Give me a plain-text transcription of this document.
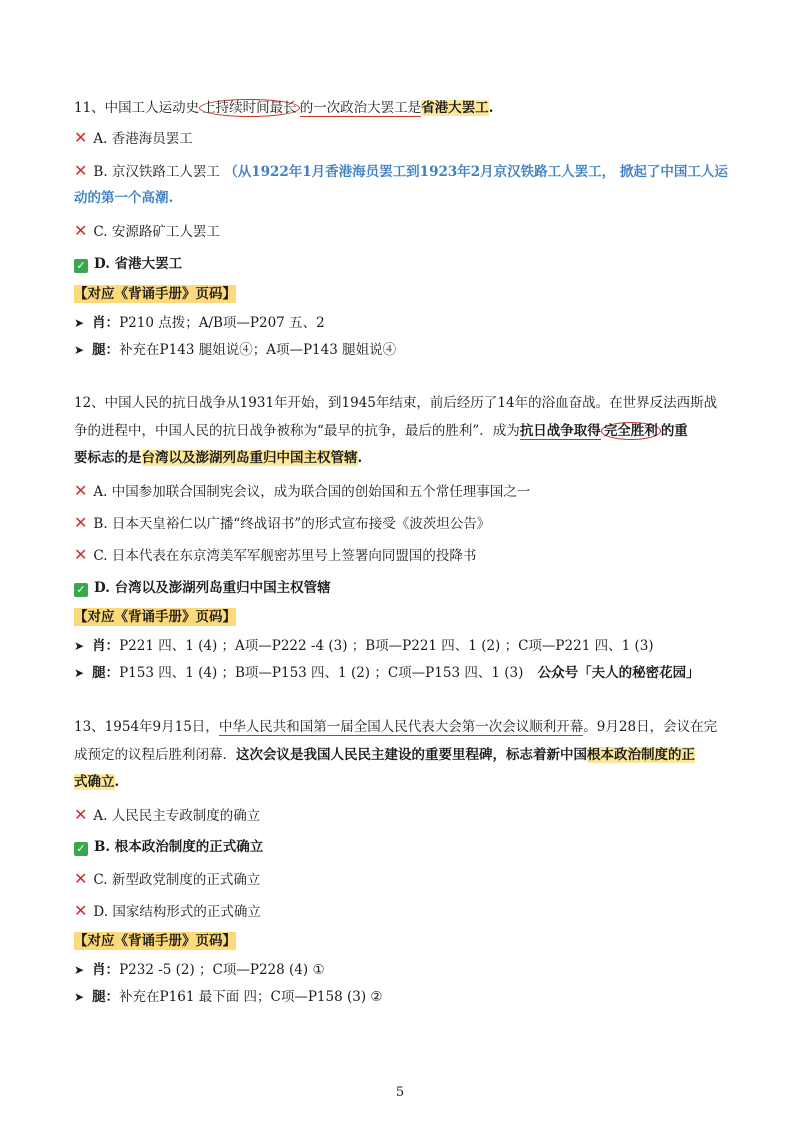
11、中国工人运动史 上持续时间最长 的一次政治大罢工是省港大罢工.
✕ A. 香港海员罢工
✕ B. 京汉铁路工人罢工 （从1922年1月香港海员罢工到1923年2月京汉铁路工人罢工， 掀起了中国工人运
动的第一个高潮.
✕ C. 安源路矿工人罢工
✓ D. 省港大罢工
【对应《背诵手册》页码】
➤ 肖：P210 点拨；A/B项—P207 五、2
➤ 腿：补充在P143 腿姐说④；A项—P143 腿姐说④
12、中国人民的抗日战争从1931年开始，到1945年结束，前后经历了14年的浴血奋战。在世界反法西斯战
争的进程中，中国人民的抗日战争被称为“最早的抗争，最后的胜利”．成为抗日战争取得 完全胜利 的重
要标志的是台湾以及澎湖列岛重归中国主权管辖.
✕ A. 中国参加联合国制宪会议，成为联合国的创始国和五个常任理事国之一
✕ B. 日本天皇裕仁以广播“终战诏书”的形式宣布接受《波茨坦公告》
✕ C. 日本代表在东京湾美军军舰密苏里号上签署向同盟国的投降书
✓ D. 台湾以及澎湖列岛重归中国主权管辖
【对应《背诵手册》页码】
➤ 肖：P221 四、1 (4) ；A项—P222 -4 (3) ；B项—P221 四、1 (2) ；C项—P221 四、1 (3)
➤ 腿：P153 四、1 (4) ；B项—P153 四、1 (2) ；C项—P153 四、1 (3) 公众号「夫人的秘密花园」
13、1954年9月15日，中华人民共和国第一届全国人民代表大会第一次会议顺利开幕。9月28日，会议在完
成预定的议程后胜利闭幕．这次会议是我国人民民主建设的重要里程碑，标志着新中国根本政治制度的正
式确立.
✕ A. 人民民主专政制度的确立
✓ B. 根本政治制度的正式确立
✕ C. 新型政党制度的正式确立
✕ D. 国家结构形式的正式确立
【对应《背诵手册》页码】
➤ 肖：P232 -5 (2) ；C项—P228 (4) ①
➤ 腿：补充在P161 最下面 四；C项—P158 (3) ②
5
